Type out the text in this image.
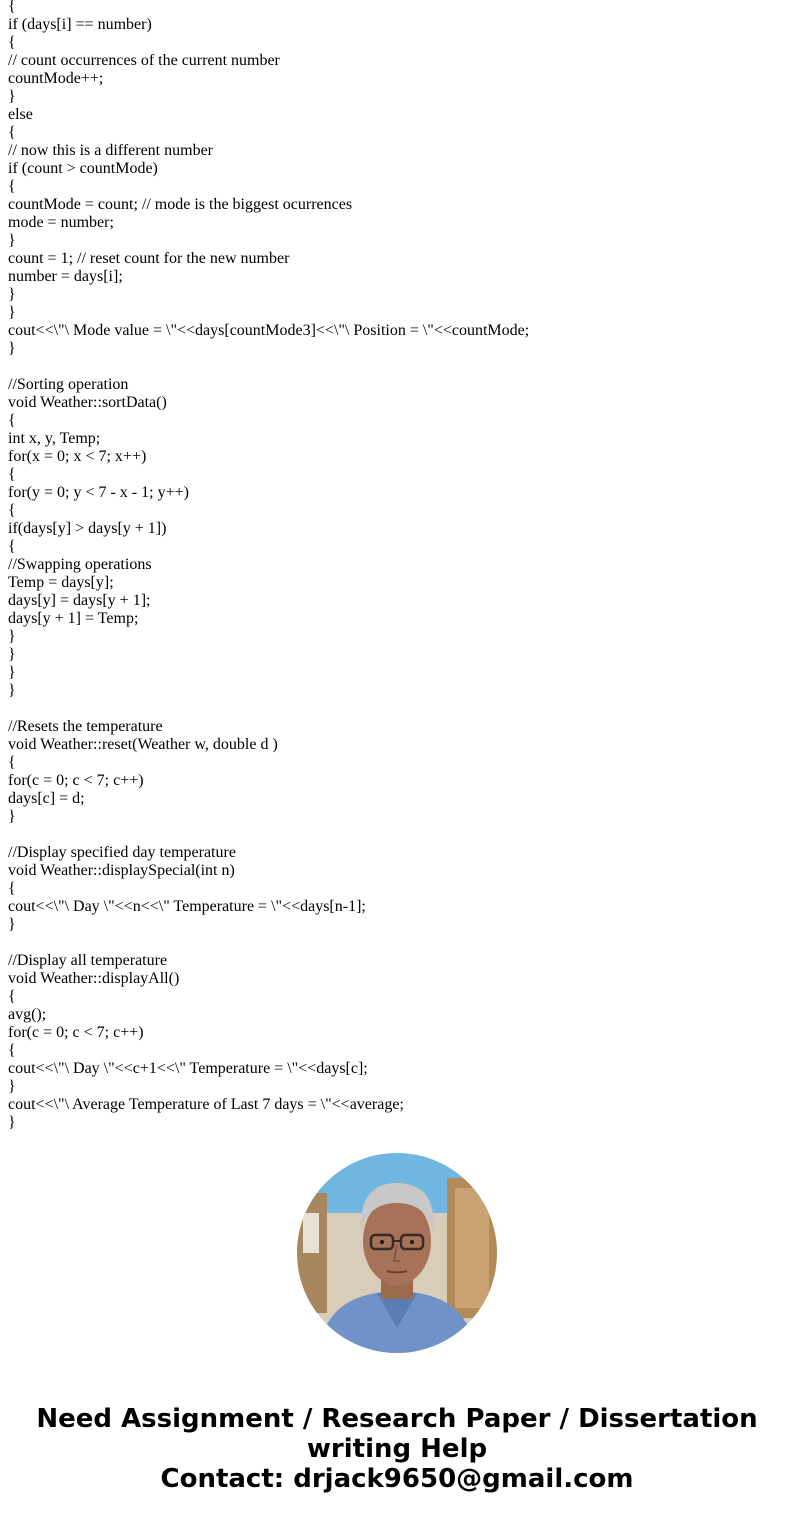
{
if (days[i] == number)
{
// count occurrences of the current number
countMode++;
}
else
{
// now this is a different number
if (count > countMode)
{
countMode = count; // mode is the biggest ocurrences
mode = number;
}
count = 1; // reset count for the new number
number = days[i];
}
}
cout<<\"\ Mode value = \"<<days[countMode3]<<\"\ Position = \"<<countMode;
}
//Sorting operation
void Weather::sortData()
{
int x, y, Temp;
for(x = 0; x < 7; x++)
{
for(y = 0; y < 7 - x - 1; y++)
{
if(days[y] > days[y + 1])
{
//Swapping operations
Temp = days[y];
days[y] = days[y + 1];
days[y + 1] = Temp;
}
}
}
}
//Resets the temperature
void Weather::reset(Weather w, double d )
{
for(c = 0; c < 7; c++)
days[c] = d;
}
//Display specified day temperature
void Weather::displaySpecial(int n)
{
cout<<\"\ Day \"<<n<<\" Temperature = \"<<days[n-1];
}
//Display all temperature
void Weather::displayAll()
{
avg();
for(c = 0; c < 7; c++)
{
cout<<\"\ Day \"<<c+1<<\" Temperature = \"<<days[c];
}
cout<<\"\ Average Temperature of Last 7 days = \"<<average;
}
Need Assignment / Research Paper / Dissertation
writing Help
Contact: drjack9650@gmail.com
